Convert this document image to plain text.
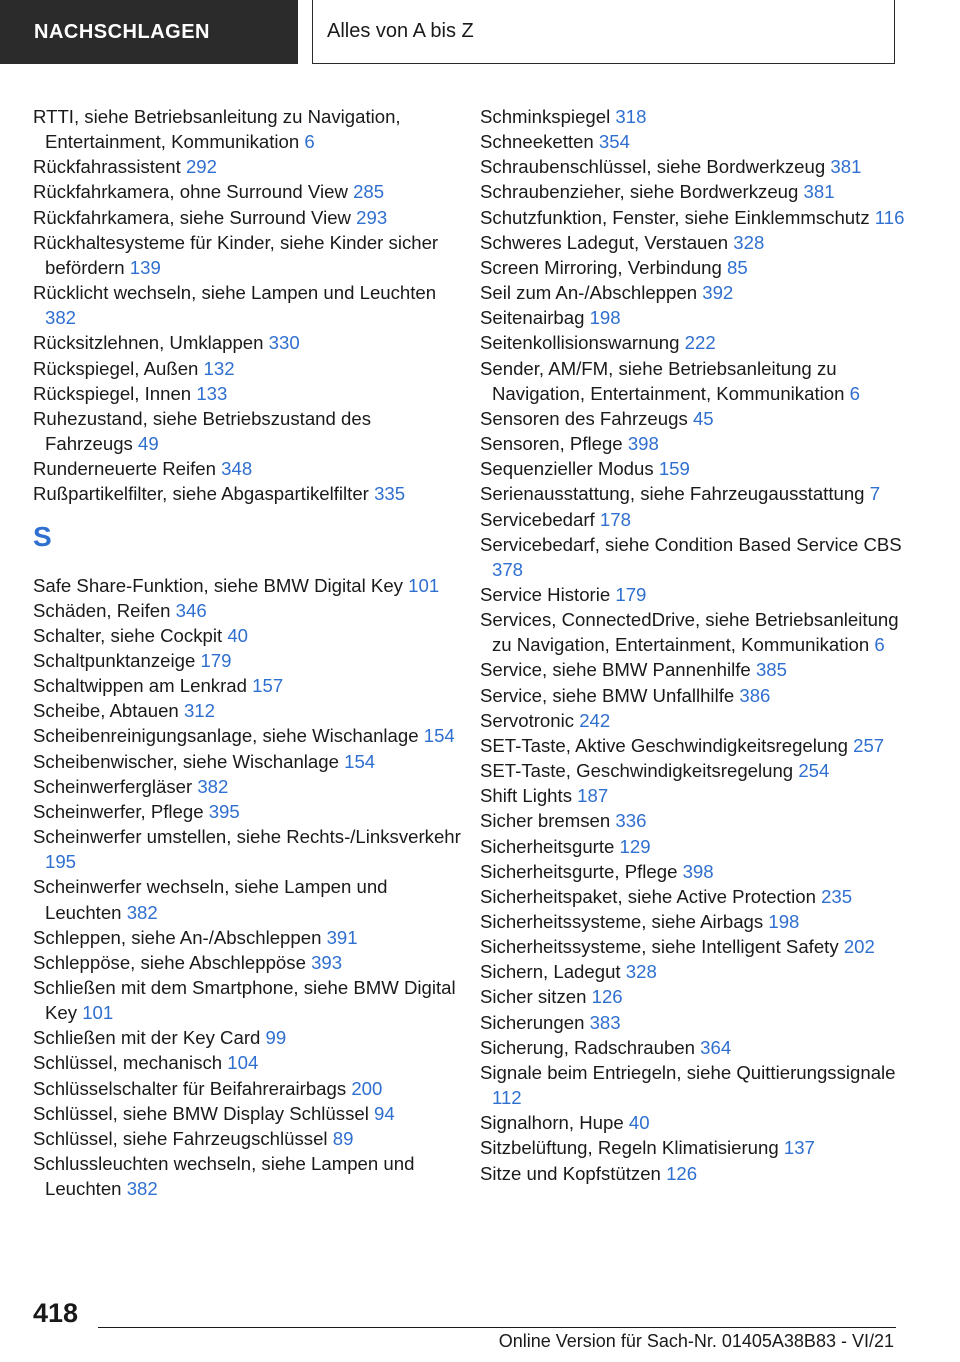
NACHSCHLAGEN	Alles von A bis Z
RTTI, siehe Betriebsanleitung zu Navigation, Entertainment, Kommunikation 6
Rückfahrassistent 292
Rückfahrkamera, ohne Surround View 285
Rückfahrkamera, siehe Surround View 293
Rückhaltesysteme für Kinder, siehe Kinder sicher befördern 139
Rücklicht wechseln, siehe Lampen und Leuchten 382
Rücksitzlehnen, Umklappen 330
Rückspiegel, Außen 132
Rückspiegel, Innen 133
Ruhezustand, siehe Betriebszustand des Fahrzeugs 49
Runderneuerte Reifen 348
Rußpartikelfilter, siehe Abgaspartikelfilter 335
S
Safe Share-Funktion, siehe BMW Digital Key 101
Schäden, Reifen 346
Schalter, siehe Cockpit 40
Schaltpunktanzeige 179
Schaltwippen am Lenkrad 157
Scheibe, Abtauen 312
Scheibenreinigungsanlage, siehe Wischanlage 154
Scheibenwischer, siehe Wischanlage 154
Scheinwerfergläser 382
Scheinwerfer, Pflege 395
Scheinwerfer umstellen, siehe Rechts-/Linksverkehr 195
Scheinwerfer wechseln, siehe Lampen und Leuchten 382
Schleppen, siehe An-/Abschleppen 391
Schleppöse, siehe Abschleppöse 393
Schließen mit dem Smartphone, siehe BMW Digital Key 101
Schließen mit der Key Card 99
Schlüssel, mechanisch 104
Schlüsselschalter für Beifahrerairbags 200
Schlüssel, siehe BMW Display Schlüssel 94
Schlüssel, siehe Fahrzeugschlüssel 89
Schlussleuchten wechseln, siehe Lampen und Leuchten 382
Schminkspiegel 318
Schneeketten 354
Schraubenschlüssel, siehe Bordwerkzeug 381
Schraubenzieher, siehe Bordwerkzeug 381
Schutzfunktion, Fenster, siehe Einklemmschutz 116
Schweres Ladegut, Verstauen 328
Screen Mirroring, Verbindung 85
Seil zum An-/Abschleppen 392
Seitenairbag 198
Seitenkollisionswarnung 222
Sender, AM/FM, siehe Betriebsanleitung zu Navigation, Entertainment, Kommunikation 6
Sensoren des Fahrzeugs 45
Sensoren, Pflege 398
Sequenzieller Modus 159
Serienausstattung, siehe Fahrzeugausstattung 7
Servicebedarf 178
Servicebedarf, siehe Condition Based Service CBS 378
Service Historie 179
Services, ConnectedDrive, siehe Betriebsanleitung zu Navigation, Entertainment, Kommunikation 6
Service, siehe BMW Pannenhilfe 385
Service, siehe BMW Unfallhilfe 386
Servotronic 242
SET-Taste, Aktive Geschwindigkeitsregelung 257
SET-Taste, Geschwindigkeitsregelung 254
Shift Lights 187
Sicher bremsen 336
Sicherheitsgurte 129
Sicherheitsgurte, Pflege 398
Sicherheitspaket, siehe Active Protection 235
Sicherheitssysteme, siehe Airbags 198
Sicherheitssysteme, siehe Intelligent Safety 202
Sichern, Ladegut 328
Sicher sitzen 126
Sicherungen 383
Sicherung, Radschrauben 364
Signale beim Entriegeln, siehe Quittierungssignale 112
Signalhorn, Hupe 40
Sitzbelüftung, Regeln Klimatisierung 137
Sitze und Kopfstützen 126
418
Online Version für Sach-Nr. 01405A38B83 - VI/21
